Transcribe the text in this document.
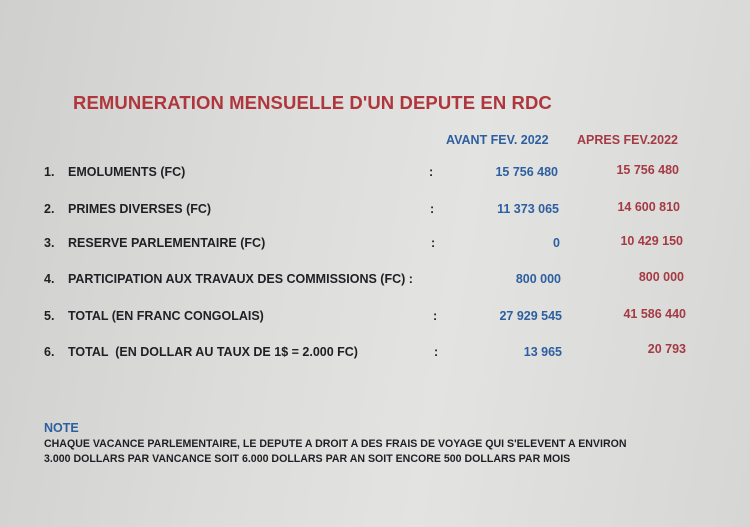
REMUNERATION MENSUELLE D'UN DEPUTE EN RDC
AVANT FEV. 2022 APRES FEV.2022
1. EMOLUMENTS (FC)	:	15 756 480	15 756 480
2. PRIMES DIVERSES (FC)	:	11 373 065	14 600 810
3. RESERVE PARLEMENTAIRE (FC)	:	0	10 429 150
4. PARTICIPATION AUX TRAVAUX DES COMMISSIONS (FC) :	800 000	800 000
5. TOTAL (EN FRANC CONGOLAIS)	:	27 929 545	41 586 440
6. TOTAL  (EN DOLLAR AU TAUX DE 1$ = 2.000 FC)	:	13 965	20 793
NOTE
CHAQUE VACANCE PARLEMENTAIRE, LE DEPUTE A DROIT A DES FRAIS DE VOYAGE QUI S'ELEVENT A ENVIRON
3.000 DOLLARS PAR VANCANCE SOIT 6.000 DOLLARS PAR AN SOIT ENCORE 500 DOLLARS PAR MOIS
